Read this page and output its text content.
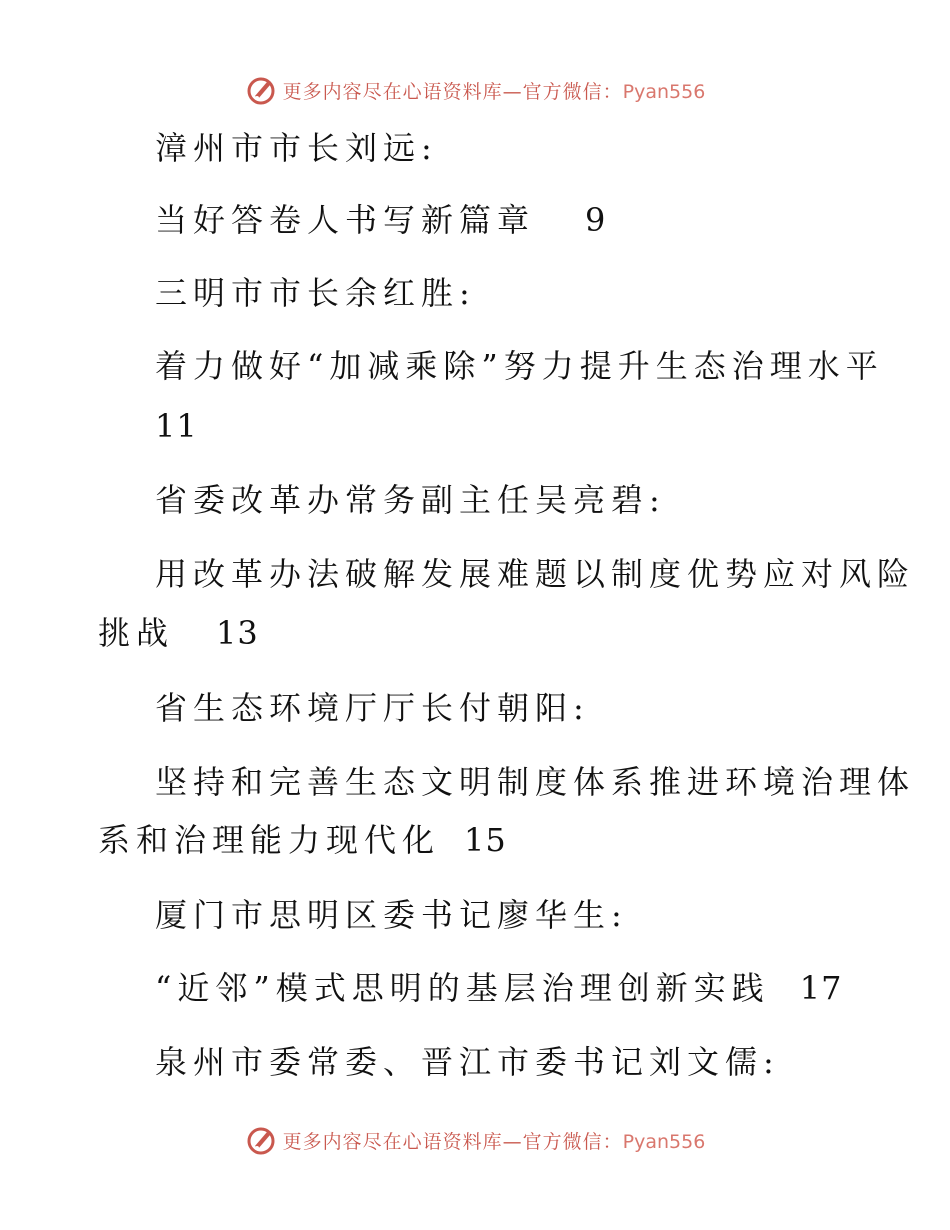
更多内容尽在心语资料库—官方微信：Pyan556
漳州市市长刘远:
当好答卷人书写新篇章 9
三明市市长余红胜:
着力做好“加减乘除”努力提升生态治理水平
11
省委改革办常务副主任吴亮碧:
用改革办法破解发展难题以制度优势应对风险
挑战 13
省生态环境厅厅长付朝阳:
坚持和完善生态文明制度体系推进环境治理体
系和治理能力现代化 15
厦门市思明区委书记廖华生:
“近邻”模式思明的基层治理创新实践 17
泉州市委常委、晋江市委书记刘文儒:
更多内容尽在心语资料库—官方微信：Pyan556
